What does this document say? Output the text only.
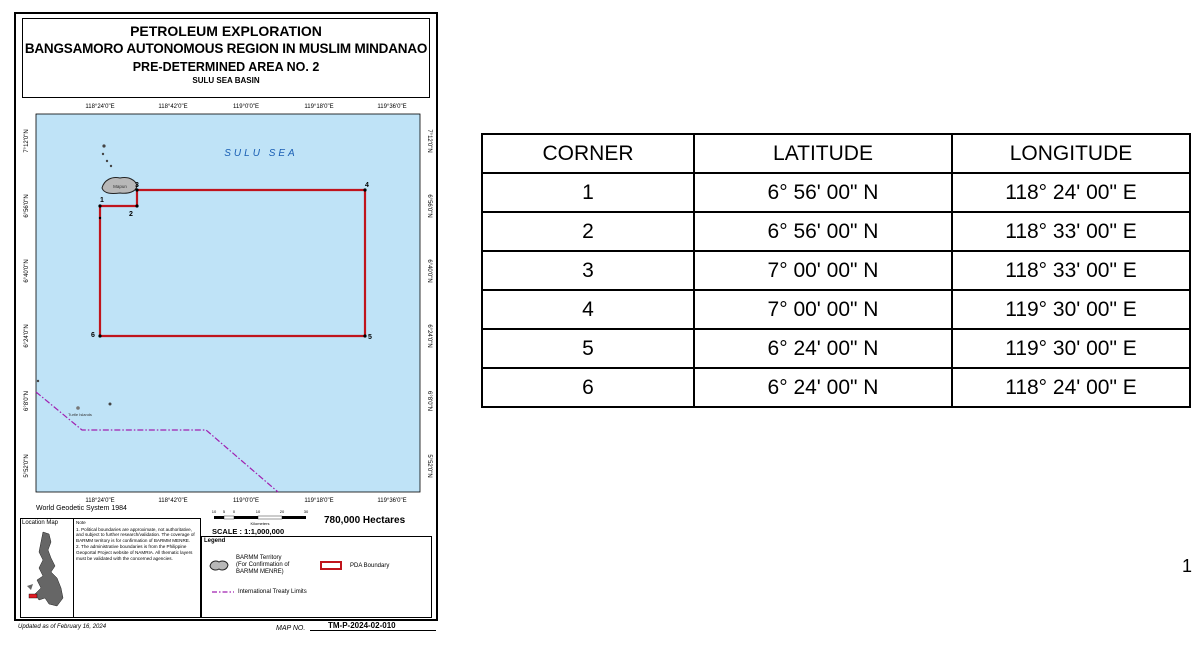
PETROLEUM EXPLORATION
BANGSAMORO AUTONOMOUS REGION IN MUSLIM MINDANAO
PRE-DETERMINED AREA NO. 2
SULU SEA BASIN
118°24'0"E	118°42'0"E	119°0'0"E	119°18'0"E	119°36'0"E
118°24'0"E	118°42'0"E	119°0'0"E	119°18'0"E	119°36'0"E
7°12'0"N
6°56'0"N
6°40'0"N
6°24'0"N
6°8'0"N
5°52'0"N
7°12'0"N
6°56'0"N
6°40'0"N
6°24'0"N
6°8'0"N
5°52'0"N
SULU SEA
Mapun
Turtle Islands
1
2
3	4
5
6
World Geodetic System 1984
Location Map	Note

1. Political boundaries are approximate, not authoritative, and subject to further research/validation. The coverage of BARMM territory is for confirmation of BARMM MENRE.

2. The administrative boundaries is from the Philippine Geoportal Project website of NAMRIA. All thematic layers must be validated with the concerned agencies.

10 5 0	10	20	30
Kilometers
SCALE : 1:1,000,000
780,000 Hectares
Legend
BARMM Territory
(For Confirmation of
BARMM MENRE)
PDA Boundary
International Treaty Limits
Updated as of February 16, 2024	MAP NO.	TM-P-2024-02-010
CORNER	LATITUDE	LONGITUDE
1	6° 56' 00" N	118° 24' 00" E
2	6° 56' 00" N	118° 33' 00" E
3	7° 00' 00" N	118° 33' 00" E
4	7° 00' 00" N	119° 30' 00" E
5	6° 24' 00" N	119° 30' 00" E
6	6° 24' 00" N	118° 24' 00" E
1
